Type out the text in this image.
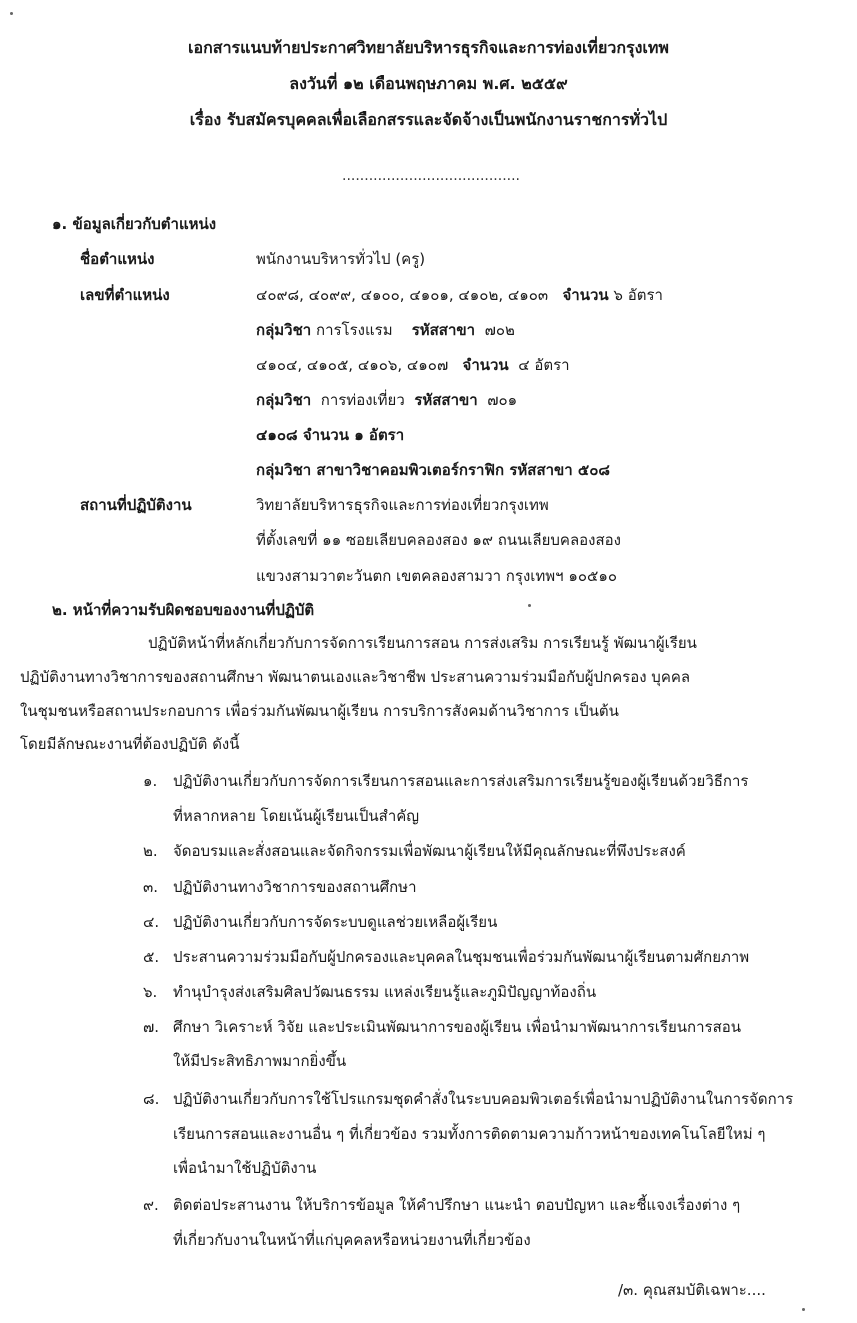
เอกสารแนบท้ายประกาศวิทยาลัยบริหารธุรกิจและการท่องเที่ยวกรุงเทพ
ลงวันที่ ๑๒ เดือนพฤษภาคม พ.ศ. ๒๕๕๙
เรื่อง รับสมัครบุคคลเพื่อเลือกสรรและจัดจ้างเป็นพนักงานราชการทั่วไป
........................................
๑. ข้อมูลเกี่ยวกับตำแหน่ง
ชื่อตำแหน่ง	พนักงานบริหารทั่วไป (ครู)
เลขที่ตำแหน่ง	๔๐๙๘, ๔๐๙๙, ๔๑๐๐, ๔๑๐๑, ๔๑๐๒, ๔๑๐๓ จำนวน ๖ อัตรา
กลุ่มวิชา การโรงแรม รหัสสาขา ๗๐๒
๔๑๐๔, ๔๑๐๕, ๔๑๐๖, ๔๑๐๗ จำนวน ๔ อัตรา
กลุ่มวิชา การท่องเที่ยว รหัสสาขา ๗๐๑
๔๑๐๘ จำนวน ๑ อัตรา
กลุ่มวิชา สาขาวิชาคอมพิวเตอร์กราฟิก รหัสสาขา ๕๐๘
สถานที่ปฏิบัติงาน	วิทยาลัยบริหารธุรกิจและการท่องเที่ยวกรุงเทพ
ที่ตั้งเลขที่ ๑๑ ซอยเลียบคลองสอง ๑๙ ถนนเลียบคลองสอง
แขวงสามวาตะวันตก เขตคลองสามวา กรุงเทพฯ ๑๐๕๑๐
๒. หน้าที่ความรับผิดชอบของงานที่ปฏิบัติ
ปฏิบัติหน้าที่หลักเกี่ยวกับการจัดการเรียนการสอน การส่งเสริม การเรียนรู้ พัฒนาผู้เรียน
ปฏิบัติงานทางวิชาการของสถานศึกษา พัฒนาตนเองและวิชาชีพ ประสานความร่วมมือกับผู้ปกครอง บุคคล
ในชุมชนหรือสถานประกอบการ เพื่อร่วมกันพัฒนาผู้เรียน การบริการสังคมด้านวิชาการ เป็นต้น
โดยมีลักษณะงานที่ต้องปฏิบัติ ดังนี้
๑. ปฏิบัติงานเกี่ยวกับการจัดการเรียนการสอนและการส่งเสริมการเรียนรู้ของผู้เรียนด้วยวิธีการ
ที่หลากหลาย โดยเน้นผู้เรียนเป็นสำคัญ
๒. จัดอบรมและสั่งสอนและจัดกิจกรรมเพื่อพัฒนาผู้เรียนให้มีคุณลักษณะที่พึงประสงค์
๓. ปฏิบัติงานทางวิชาการของสถานศึกษา
๔. ปฏิบัติงานเกี่ยวกับการจัดระบบดูแลช่วยเหลือผู้เรียน
๕. ประสานความร่วมมือกับผู้ปกครองและบุคคลในชุมชนเพื่อร่วมกันพัฒนาผู้เรียนตามศักยภาพ
๖. ทำนุบำรุงส่งเสริมศิลปวัฒนธรรม แหล่งเรียนรู้และภูมิปัญญาท้องถิ่น
๗. ศึกษา วิเคราะห์ วิจัย และประเมินพัฒนาการของผู้เรียน เพื่อนำมาพัฒนาการเรียนการสอน
ให้มีประสิทธิภาพมากยิ่งขึ้น
๘. ปฏิบัติงานเกี่ยวกับการใช้โปรแกรมชุดคำสั่งในระบบคอมพิวเตอร์เพื่อนำมาปฏิบัติงานในการจัดการ
เรียนการสอนและงานอื่น ๆ ที่เกี่ยวข้อง รวมทั้งการติดตามความก้าวหน้าของเทคโนโลยีใหม่ ๆ
เพื่อนำมาใช้ปฏิบัติงาน
๙. ติดต่อประสานงาน ให้บริการข้อมูล ให้คำปรึกษา แนะนำ ตอบปัญหา และชี้แจงเรื่องต่าง ๆ
ที่เกี่ยวกับงานในหน้าที่แก่บุคคลหรือหน่วยงานที่เกี่ยวข้อง
/๓. คุณสมบัติเฉพาะ....
